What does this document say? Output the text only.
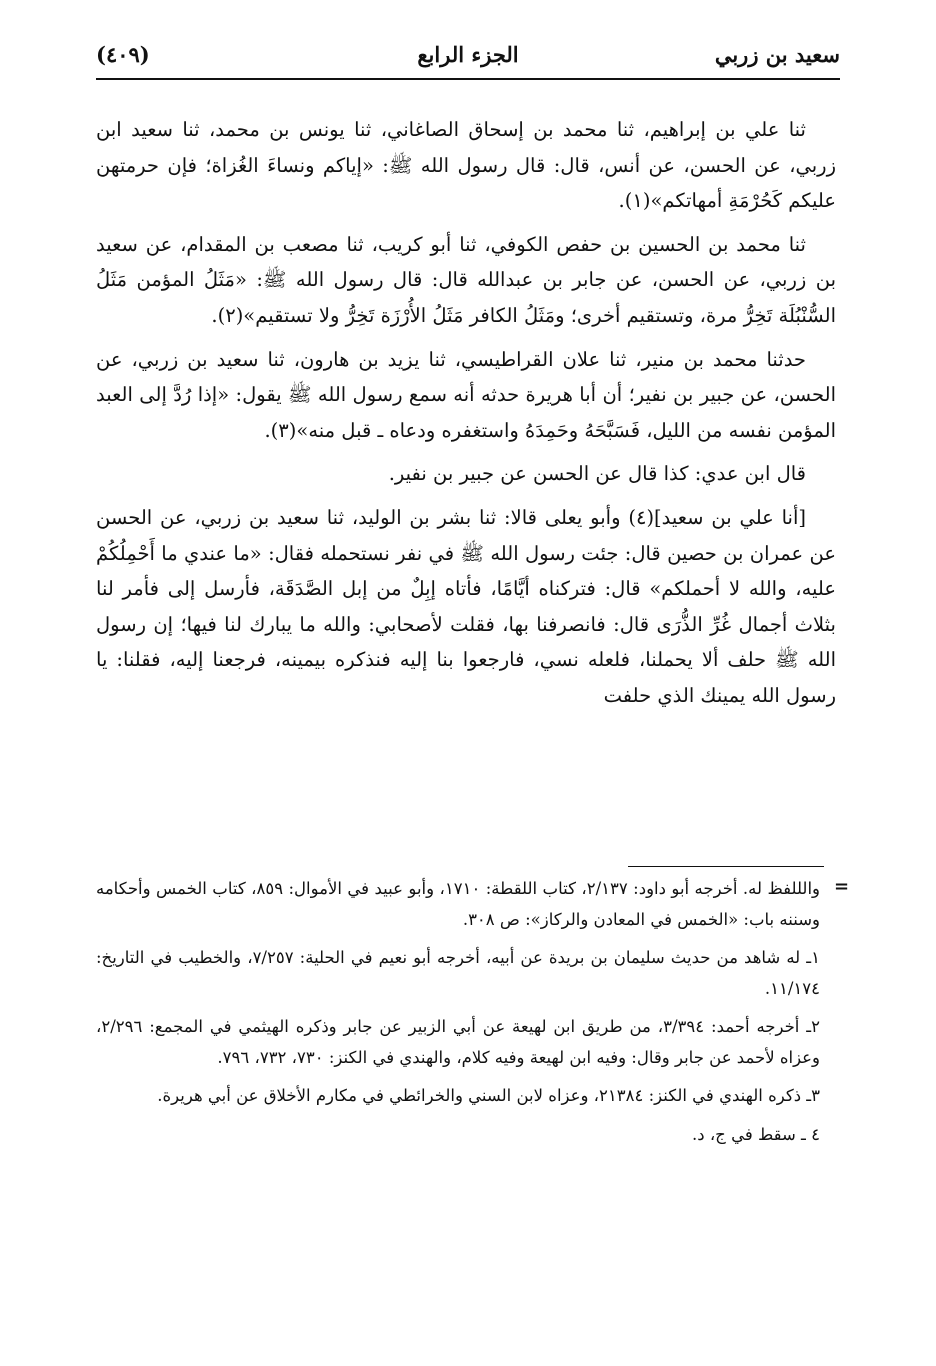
سعيد بن زربي
الجزء الرابع
(٤٠٩)

ثنا علي بن إبراهيم، ثنا محمد بن إسحاق الصاغاني، ثنا يونس بن محمد، ثنا سعيد ابن زربي، عن الحسن، عن أنس، قال: قال رسول الله ﷺ: «إياكم ونساءَ الغُزاة؛ فإن حرمتهن عليكم كَحُرْمَةِ أمهاتكم»(١).

ثنا محمد بن الحسين بن حفص الكوفي، ثنا أبو كريب، ثنا مصعب بن المقدام، عن سعيد بن زربي، عن الحسن، عن جابر بن عبدالله قال: قال رسول الله ﷺ: «مَثَلُ المؤمن مَثَلُ السُّنْبُلَة تَخِرُّ مرة، وتستقيم أخرى؛ ومَثَلُ الكافر مَثَلُ الأُرْزَة تَخِرُّ ولا تستقيم»(٢).

حدثنا محمد بن منير، ثنا علان القراطيسي، ثنا يزيد بن هارون، ثنا سعيد بن زربي، عن الحسن، عن جبير بن نفير؛ أن أبا هريرة حدثه أنه سمع رسول الله ﷺ يقول: «إذا رُدَّ إلى العبد المؤمن نفسه من الليل، فَسَبَّحَهُ وحَمِدَهُ واستغفره ودعاه ـ قبل منه»(٣).

قال ابن عدي: كذا قال عن الحسن عن جبير بن نفير.

[أنا علي بن سعيد](٤) وأبو يعلى قالا: ثنا بشر بن الوليد، ثنا سعيد بن زربي، عن الحسن عن عمران بن حصين قال: جئت رسول الله ﷺ في نفر نستحمله فقال: «ما عندي ما أَحْمِلُكُمْ عليه، والله لا أحملكم» قال: فتركناه أيَّامًا، فأتاه إبِلٌ من إبل الصَّدَقَة، فأرسل إلى فأمر لنا بثلاث أجمال غُرِّ الذُّرَى قال: فانصرفنا بها، فقلت لأصحابي: والله ما يبارك لنا فيها؛ إن رسول الله ﷺ حلف ألا يحملنا، فلعله نسي، فارجعوا بنا إليه فنذكره بيمينه، فرجعنا إليه، فقلنا: يا رسول الله يمينك الذي حلفت

=

والللفظ له. أخرجه أبو داود: ٢/١٣٧، كتاب اللقطة: ١٧١٠، وأبو عبيد في الأموال: ٨٥٩، كتاب الخمس وأحكامه وسننه باب: «الخمس في المعادن والركاز»: ص ٣٠٨.

١ـ له شاهد من حديث سليمان بن بريدة عن أبيه، أخرجه أبو نعيم في الحلية: ٧/٢٥٧، والخطيب في التاريخ: ١١/١٧٤.

٢ـ أخرجه أحمد: ٣/٣٩٤، من طريق ابن لهيعة عن أبي الزبير عن جابر وذكره الهيثمي في المجمع: ٢/٢٩٦، وعزاه لأحمد عن جابر وقال: وفيه ابن لهيعة وفيه كلام، والهندي في الكنز: ٧٣٠، ٧٣٢، ٧٩٦.

٣ـ ذكره الهندي في الكنز: ٢١٣٨٤، وعزاه لابن السني والخرائطي في مكارم الأخلاق عن أبي هريرة.

٤ ـ سقط في ج، د.
